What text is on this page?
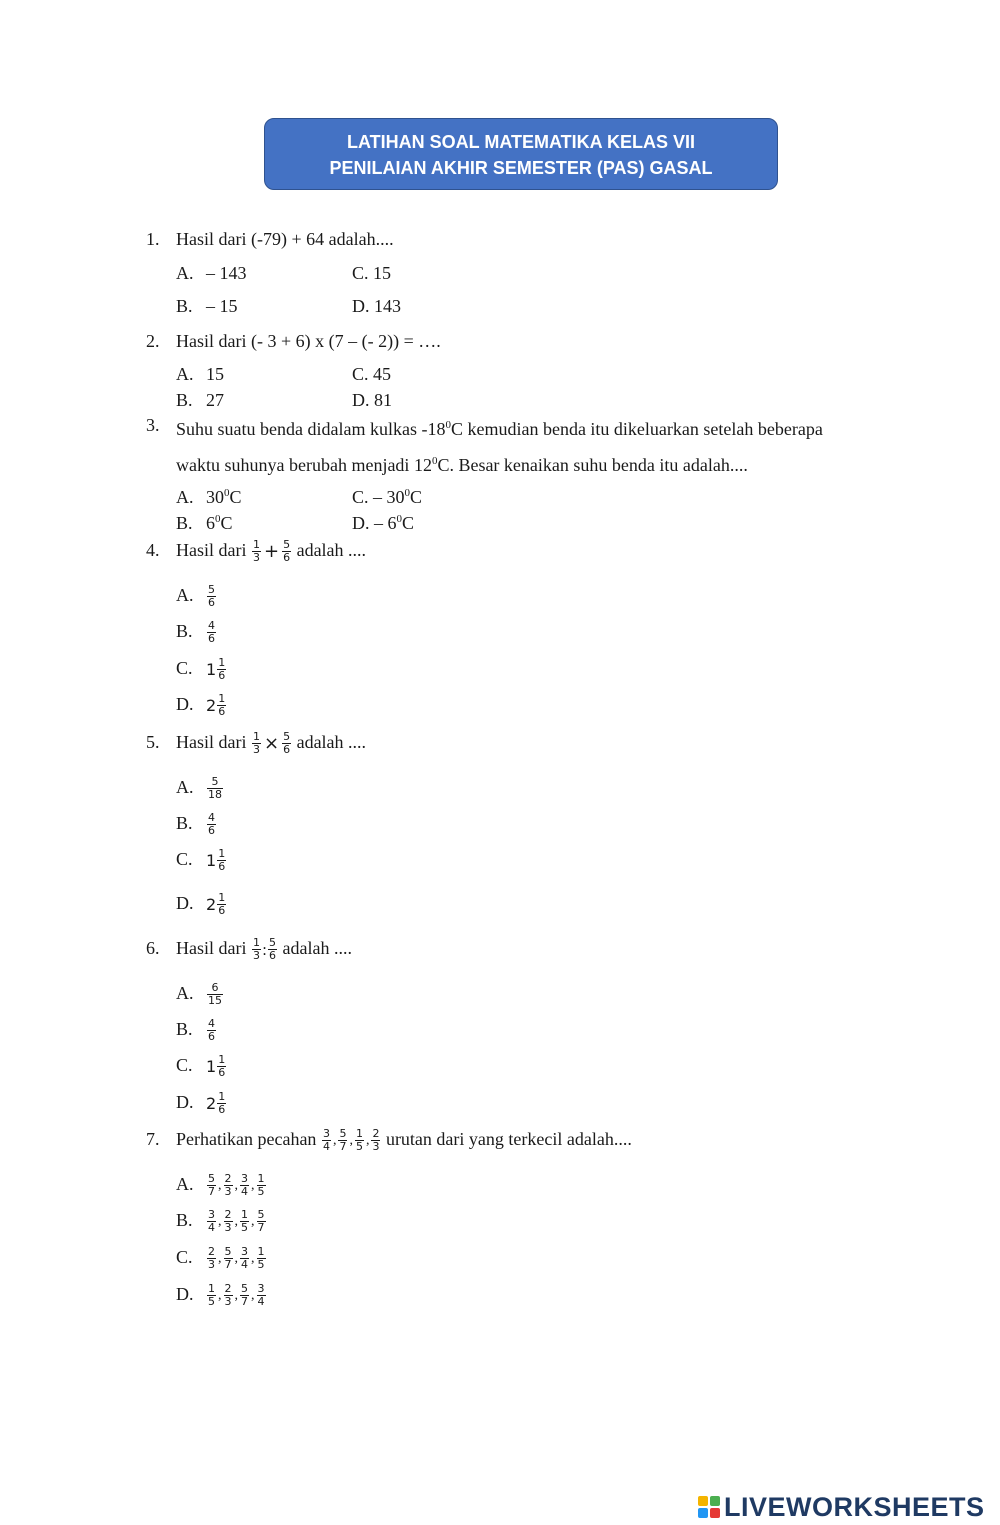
LATIHAN SOAL MATEMATIKA KELAS VII
PENILAIAN AKHIR SEMESTER (PAS) GASAL
1. Hasil dari (-79) + 64 adalah....
A. – 143	C. 15
B. – 15	D. 143
2. Hasil dari (- 3 + 6) x (7 – (- 2)) = ….
A. 15	C. 45
B. 27	D. 81
3. Suhu suatu benda didalam kulkas $-18^0C$ kemudian benda itu dikeluarkan setelah beberapa
waktu suhunya berubah menjadi $12^0C$. Besar kenaikan suhu benda itu adalah....
A. $30^0C$	C. – $30^0C$
B. $6^0C$	D. – $6^0C$
4. Hasil dari $\frac{1}{3} + \frac{5}{6}$ adalah ....
A. $\frac{5}{6}$
B. $\frac{4}{6}$
C. $1 \frac{1}{6}$
D. $2 \frac{1}{6}$
5. Hasil dari $\frac{1}{3} \times \frac{5}{6}$ adalah ....
A. $\frac{5}{18}$
B. $\frac{4}{6}$
C. $1 \frac{1}{6}$
D. $2 \frac{1}{6}$
6. Hasil dari $\frac{1}{3}$ : $\frac{5}{6}$ adalah ....
A. $\frac{6}{15}$
B. $\frac{4}{6}$
C. $1 \frac{1}{6}$
D. $2 \frac{1}{6}$
7. Perhatikan pecahan $\frac{3}{4}$ , $\frac{5}{7}$ , $\frac{1}{5}$ , $\frac{2}{3}$ urutan dari yang terkecil adalah....
A. $\frac{5}{7}$ , $\frac{2}{3}$ , $\frac{3}{4}$ , $\frac{1}{5}$
B. $\frac{3}{4}$ , $\frac{2}{3}$ , $\frac{1}{5}$ , $\frac{5}{7}$
C. $\frac{2}{3}$ , $\frac{5}{7}$ , $\frac{3}{4}$ , $\frac{1}{5}$
D. $\frac{1}{5}$ , $\frac{2}{3}$ , $\frac{5}{7}$ , $\frac{3}{4}$
LIVEWORKSHEETS
